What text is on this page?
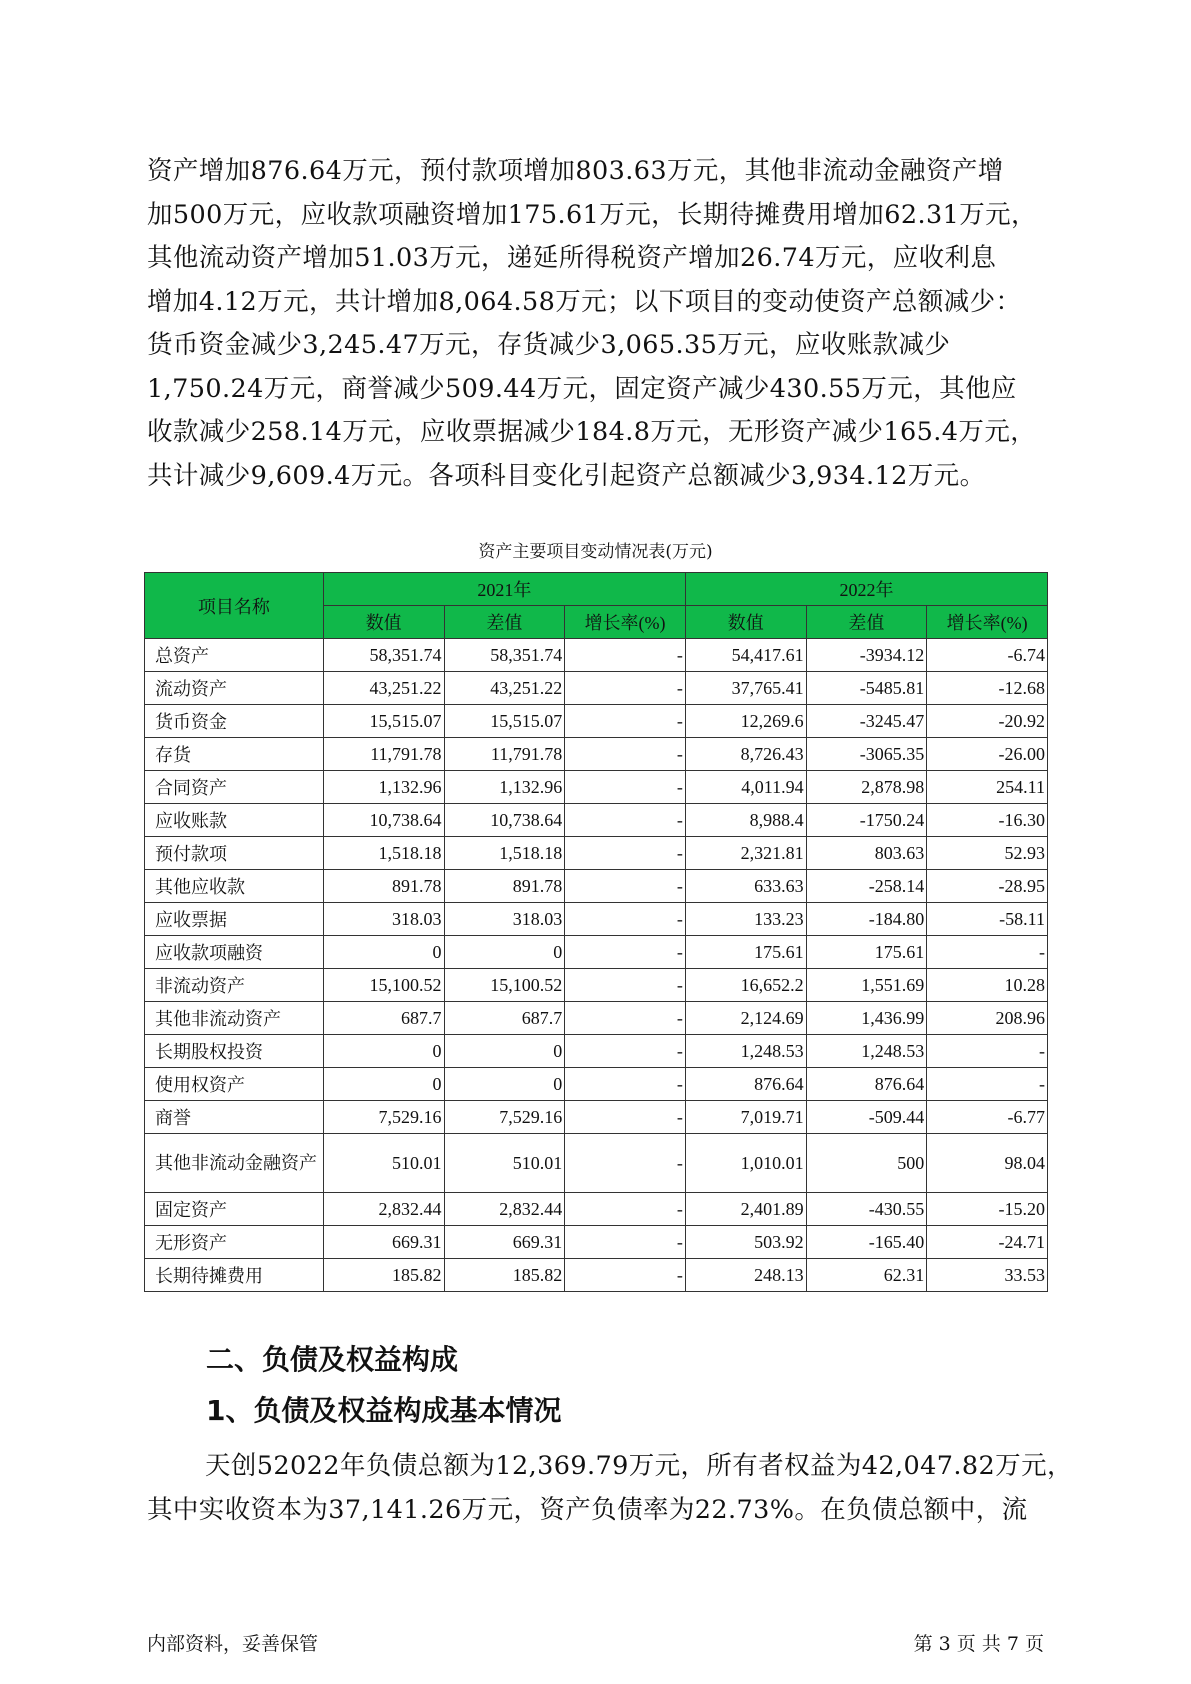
资产增加876.64万元，预付款项增加803.63万元，其他非流动金融资产增
加500万元，应收款项融资增加175.61万元，长期待摊费用增加62.31万元，
其他流动资产增加51.03万元，递延所得税资产增加26.74万元，应收利息
增加4.12万元，共计增加8,064.58万元；以下项目的变动使资产总额减少：
货币资金减少3,245.47万元，存货减少3,065.35万元，应收账款减少
1,750.24万元，商誉减少509.44万元，固定资产减少430.55万元，其他应
收款减少258.14万元，应收票据减少184.8万元，无形资产减少165.4万元，
共计减少9,609.4万元。各项科目变化引起资产总额减少3,934.12万元。
资产主要项目变动情况表(万元)
项目名称	2021年			2022年		
	数值	差值	增长率(%)	数值	差值	增长率(%)
总资产	58,351.74	58,351.74	-	54,417.61	-3934.12	-6.74
流动资产	43,251.22	43,251.22	-	37,765.41	-5485.81	-12.68
货币资金	15,515.07	15,515.07	-	12,269.6	-3245.47	-20.92
存货	11,791.78	11,791.78	-	8,726.43	-3065.35	-26.00
合同资产	1,132.96	1,132.96	-	4,011.94	2,878.98	254.11
应收账款	10,738.64	10,738.64	-	8,988.4	-1750.24	-16.30
预付款项	1,518.18	1,518.18	-	2,321.81	803.63	52.93
其他应收款	891.78	891.78	-	633.63	-258.14	-28.95
应收票据	318.03	318.03	-	133.23	-184.80	-58.11
应收款项融资	0	0	-	175.61	175.61	-
非流动资产	15,100.52	15,100.52	-	16,652.2	1,551.69	10.28
其他非流动资产	687.7	687.7	-	2,124.69	1,436.99	208.96
长期股权投资	0	0	-	1,248.53	1,248.53	-
使用权资产	0	0	-	876.64	876.64	-
商誉	7,529.16	7,529.16	-	7,019.71	-509.44	-6.77
其他非流动金融资产	510.01	510.01	-	1,010.01	500	98.04
固定资产	2,832.44	2,832.44	-	2,401.89	-430.55	-15.20
无形资产	669.31	669.31	-	503.92	-165.40	-24.71
长期待摊费用	185.82	185.82	-	248.13	62.31	33.53
二、负债及权益构成
1、负债及权益构成基本情况
天创52022年负债总额为12,369.79万元，所有者权益为42,047.82万元，
其中实收资本为37,141.26万元，资产负债率为22.73%。在负债总额中，流
内部资料，妥善保管	第 3 页 共 7 页
